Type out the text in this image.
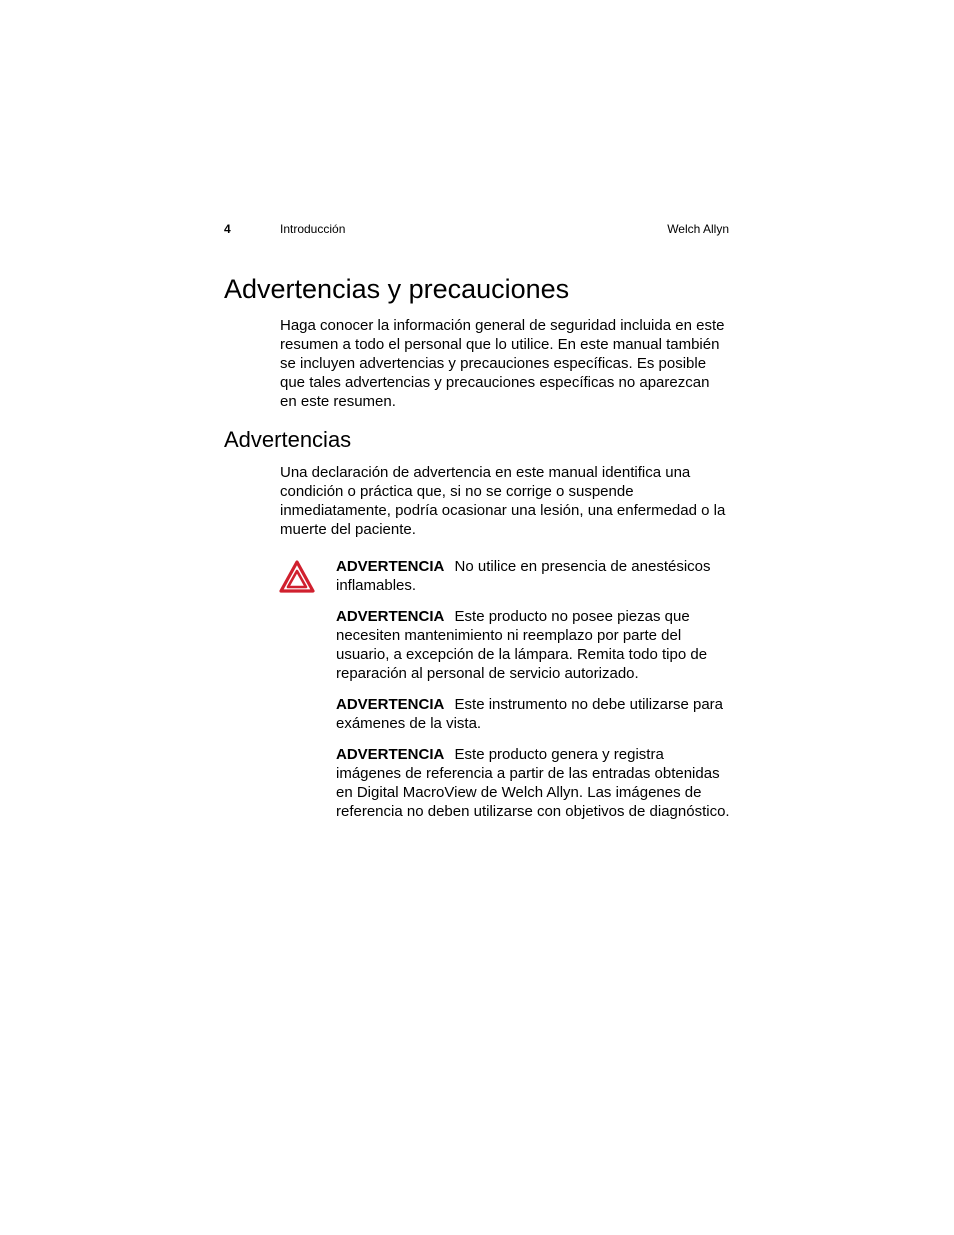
4	Introducción	Welch Allyn
Advertencias y precauciones

Haga conocer la información general de seguridad incluida en este resumen a todo el personal que lo utilice. En este manual también se incluyen advertencias y precauciones específicas. Es posible que tales advertencias y precauciones específicas no aparezcan en este resumen.

Advertencias

Una declaración de advertencia en este manual identifica una condición o práctica que, si no se corrige o suspende inmediatamente, podría ocasionar una lesión, una enfermedad o la muerte del paciente.

ADVERTENCIA No utilice en presencia de anestésicos inflamables.

ADVERTENCIA Este producto no posee piezas que necesiten mantenimiento ni reemplazo por parte del usuario, a excepción de la lámpara. Remita todo tipo de reparación al personal de servicio autorizado.

ADVERTENCIA Este instrumento no debe utilizarse para exámenes de la vista.

ADVERTENCIA Este producto genera y registra imágenes de referencia a partir de las entradas obtenidas en Digital MacroView de Welch Allyn. Las imágenes de referencia no deben utilizarse con objetivos de diagnóstico.
